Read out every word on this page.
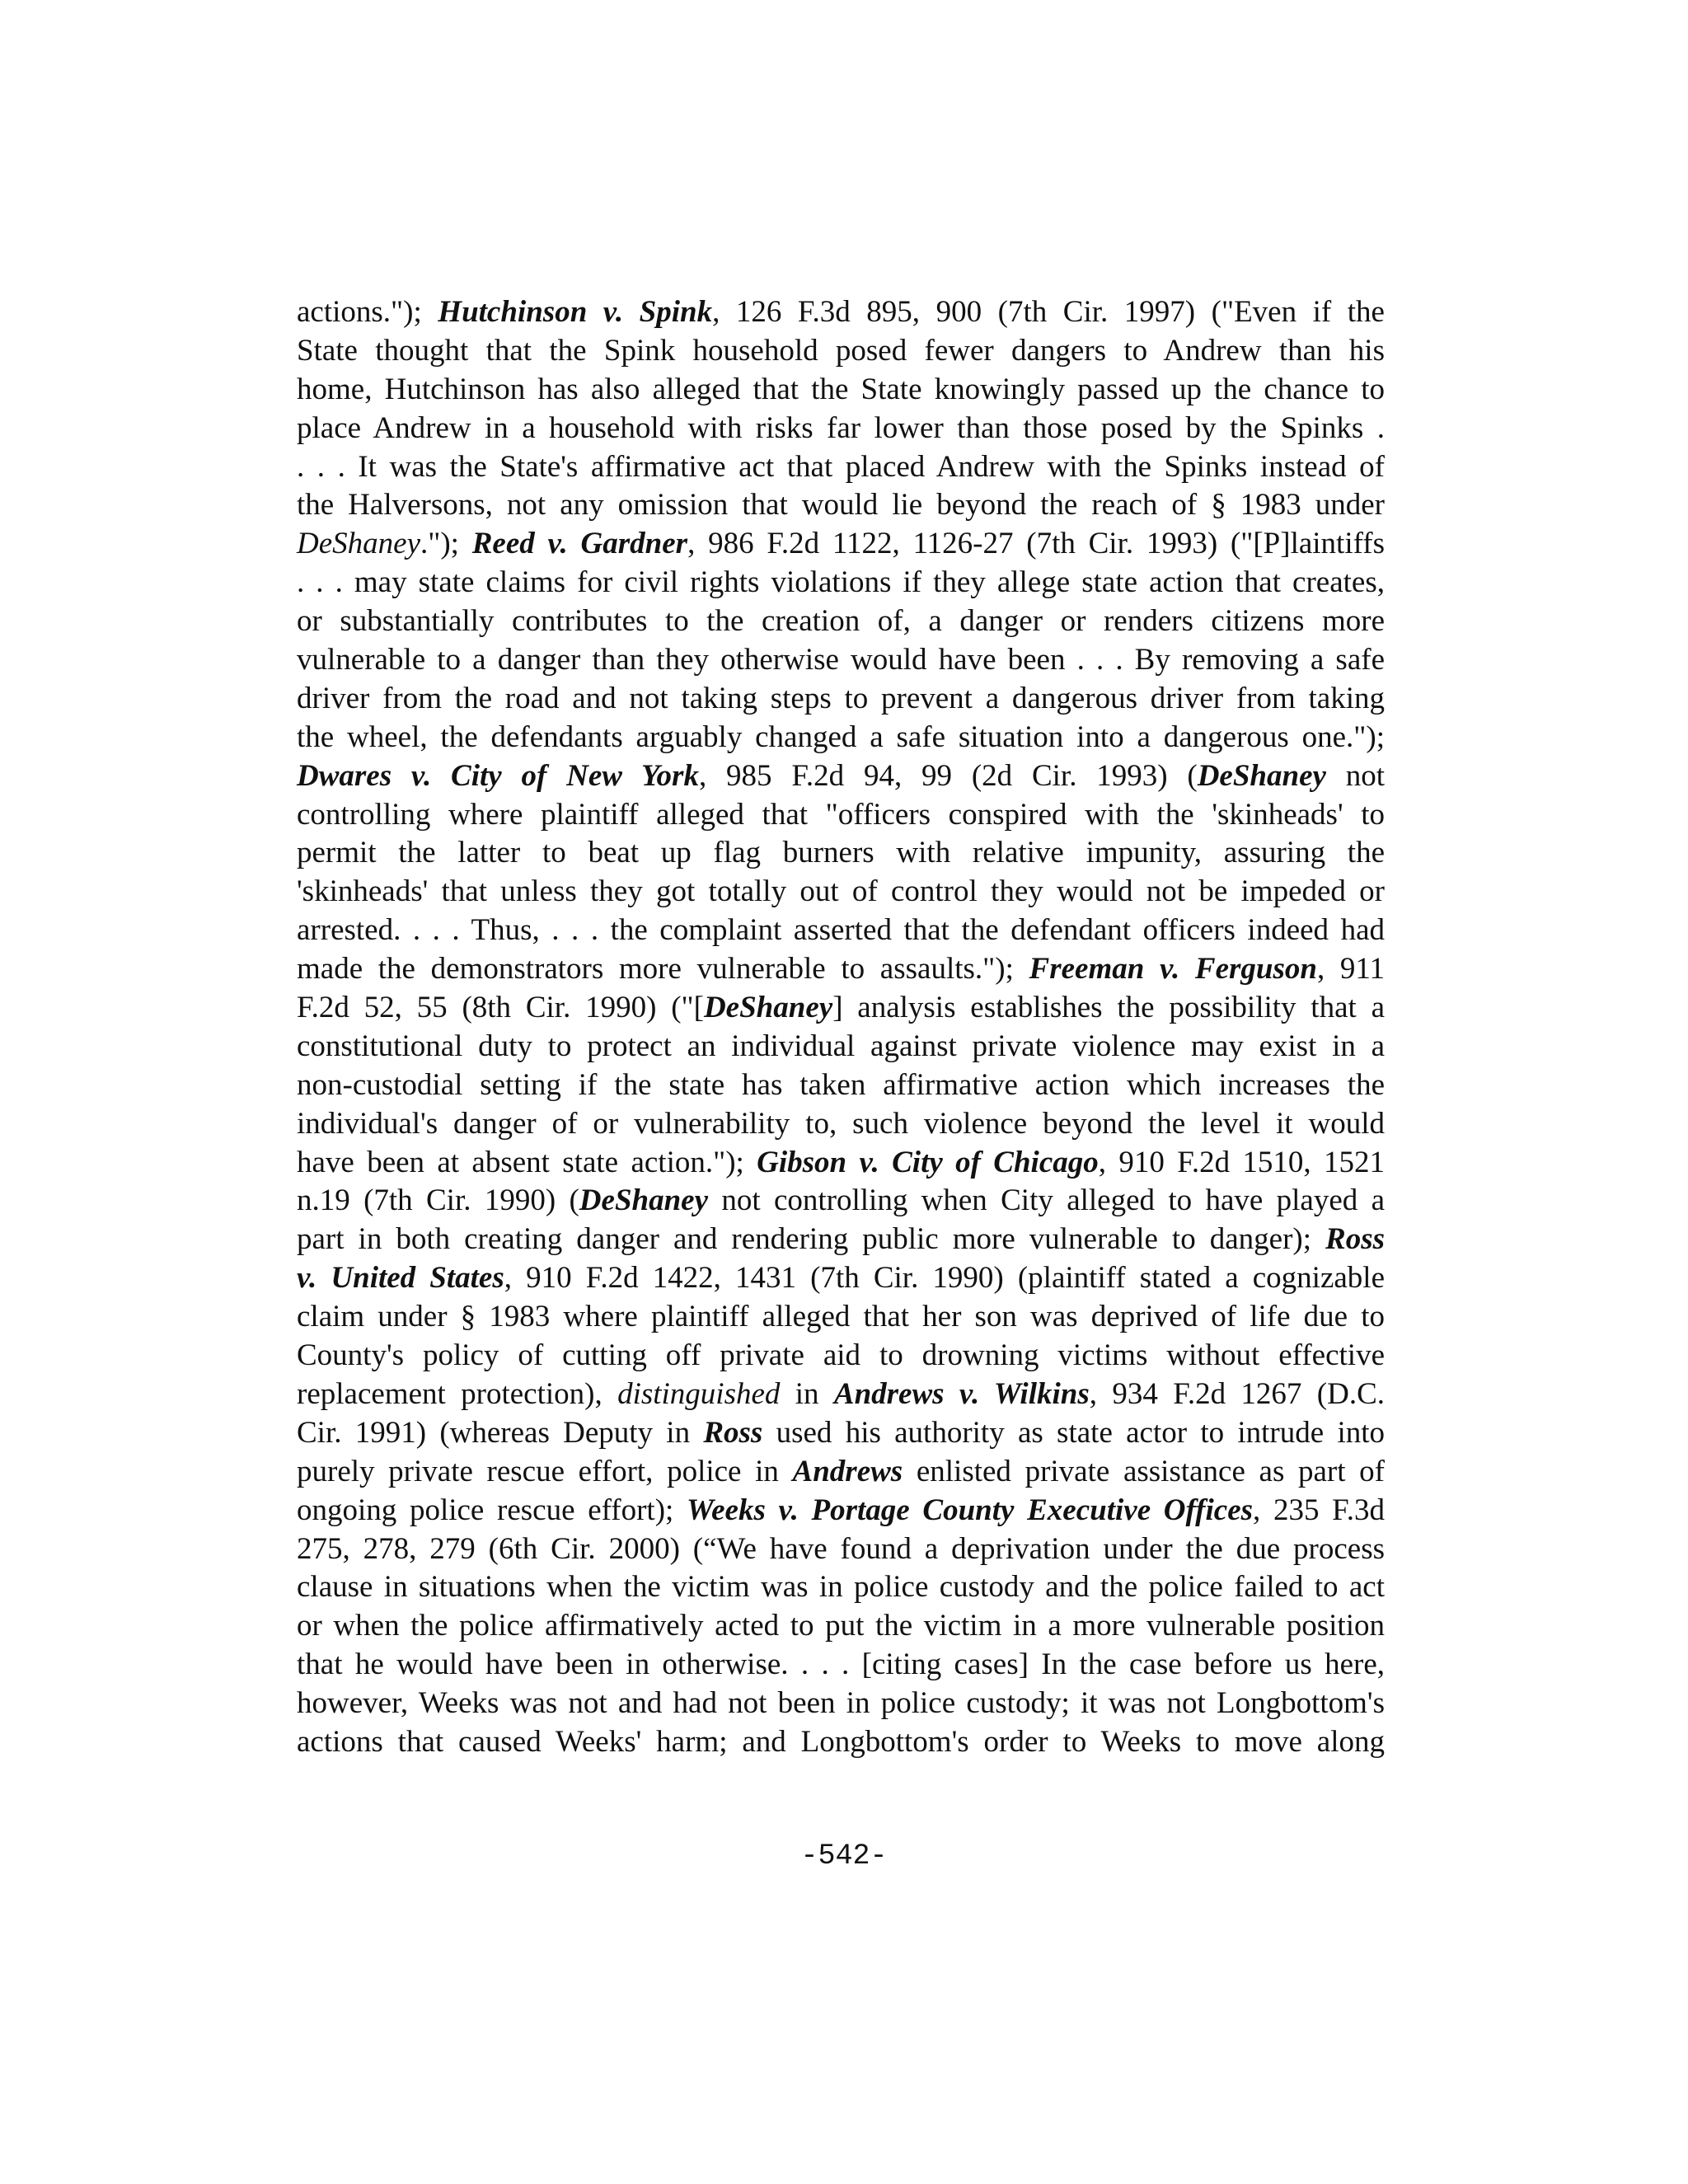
actions."); Hutchinson v. Spink, 126 F.3d 895, 900 (7th Cir. 1997) ("Even if the
State thought that the Spink household posed fewer dangers to Andrew than his
home, Hutchinson has also alleged that the State knowingly passed up the chance to
place Andrew in a household with risks far lower than those posed by the Spinks .
. . . It was the State's affirmative act that placed Andrew with the Spinks instead of
the Halversons, not any omission that would lie beyond the reach of § 1983 under
DeShaney."); Reed v. Gardner, 986 F.2d 1122, 1126-27 (7th Cir. 1993) ("[P]laintiffs
. . . may state claims for civil rights violations if they allege state action that creates,
or substantially contributes to the creation of, a danger or renders citizens more
vulnerable to a danger than they otherwise would have been . . . By removing a safe
driver from the road and not taking steps to prevent a dangerous driver from taking
the wheel, the defendants arguably changed a safe situation into a dangerous one.");
Dwares v. City of New York, 985 F.2d 94, 99 (2d Cir. 1993) (DeShaney not
controlling where plaintiff alleged that "officers conspired with the 'skinheads' to
permit the latter to beat up flag burners with relative impunity, assuring the
'skinheads' that unless they got totally out of control they would not be impeded or
arrested. . . . Thus, . . . the complaint asserted that the defendant officers indeed had
made the demonstrators more vulnerable to assaults."); Freeman v. Ferguson, 911
F.2d 52, 55 (8th Cir. 1990) ("[DeShaney] analysis establishes the possibility that a
constitutional duty to protect an individual against private violence may exist in a
non-custodial setting if the state has taken affirmative action which increases the
individual's danger of or vulnerability to, such violence beyond the level it would
have been at absent state action."); Gibson v. City of Chicago, 910 F.2d 1510, 1521
n.19 (7th Cir. 1990) (DeShaney not controlling when City alleged to have played a
part in both creating danger and rendering public more vulnerable to danger); Ross
v. United States, 910 F.2d 1422, 1431 (7th Cir. 1990) (plaintiff stated a cognizable
claim under § 1983 where plaintiff alleged that her son was deprived of life due to
County's policy of cutting off private aid to drowning victims without effective
replacement protection), distinguished in Andrews v. Wilkins, 934 F.2d 1267 (D.C.
Cir. 1991) (whereas Deputy in Ross used his authority as state actor to intrude into
purely private rescue effort, police in Andrews enlisted private assistance as part of
ongoing police rescue effort); Weeks v. Portage County Executive Offices, 235 F.3d
275, 278, 279 (6th Cir. 2000) (“We have found a deprivation under the due process
clause in situations when the victim was in police custody and the police failed to act
or when the police affirmatively acted to put the victim in a more vulnerable position
that he would have been in otherwise. . . . [citing cases] In the case before us here,
however, Weeks was not and had not been in police custody; it was not Longbottom's
actions that caused Weeks' harm; and Longbottom's order to Weeks to move along
-542-
